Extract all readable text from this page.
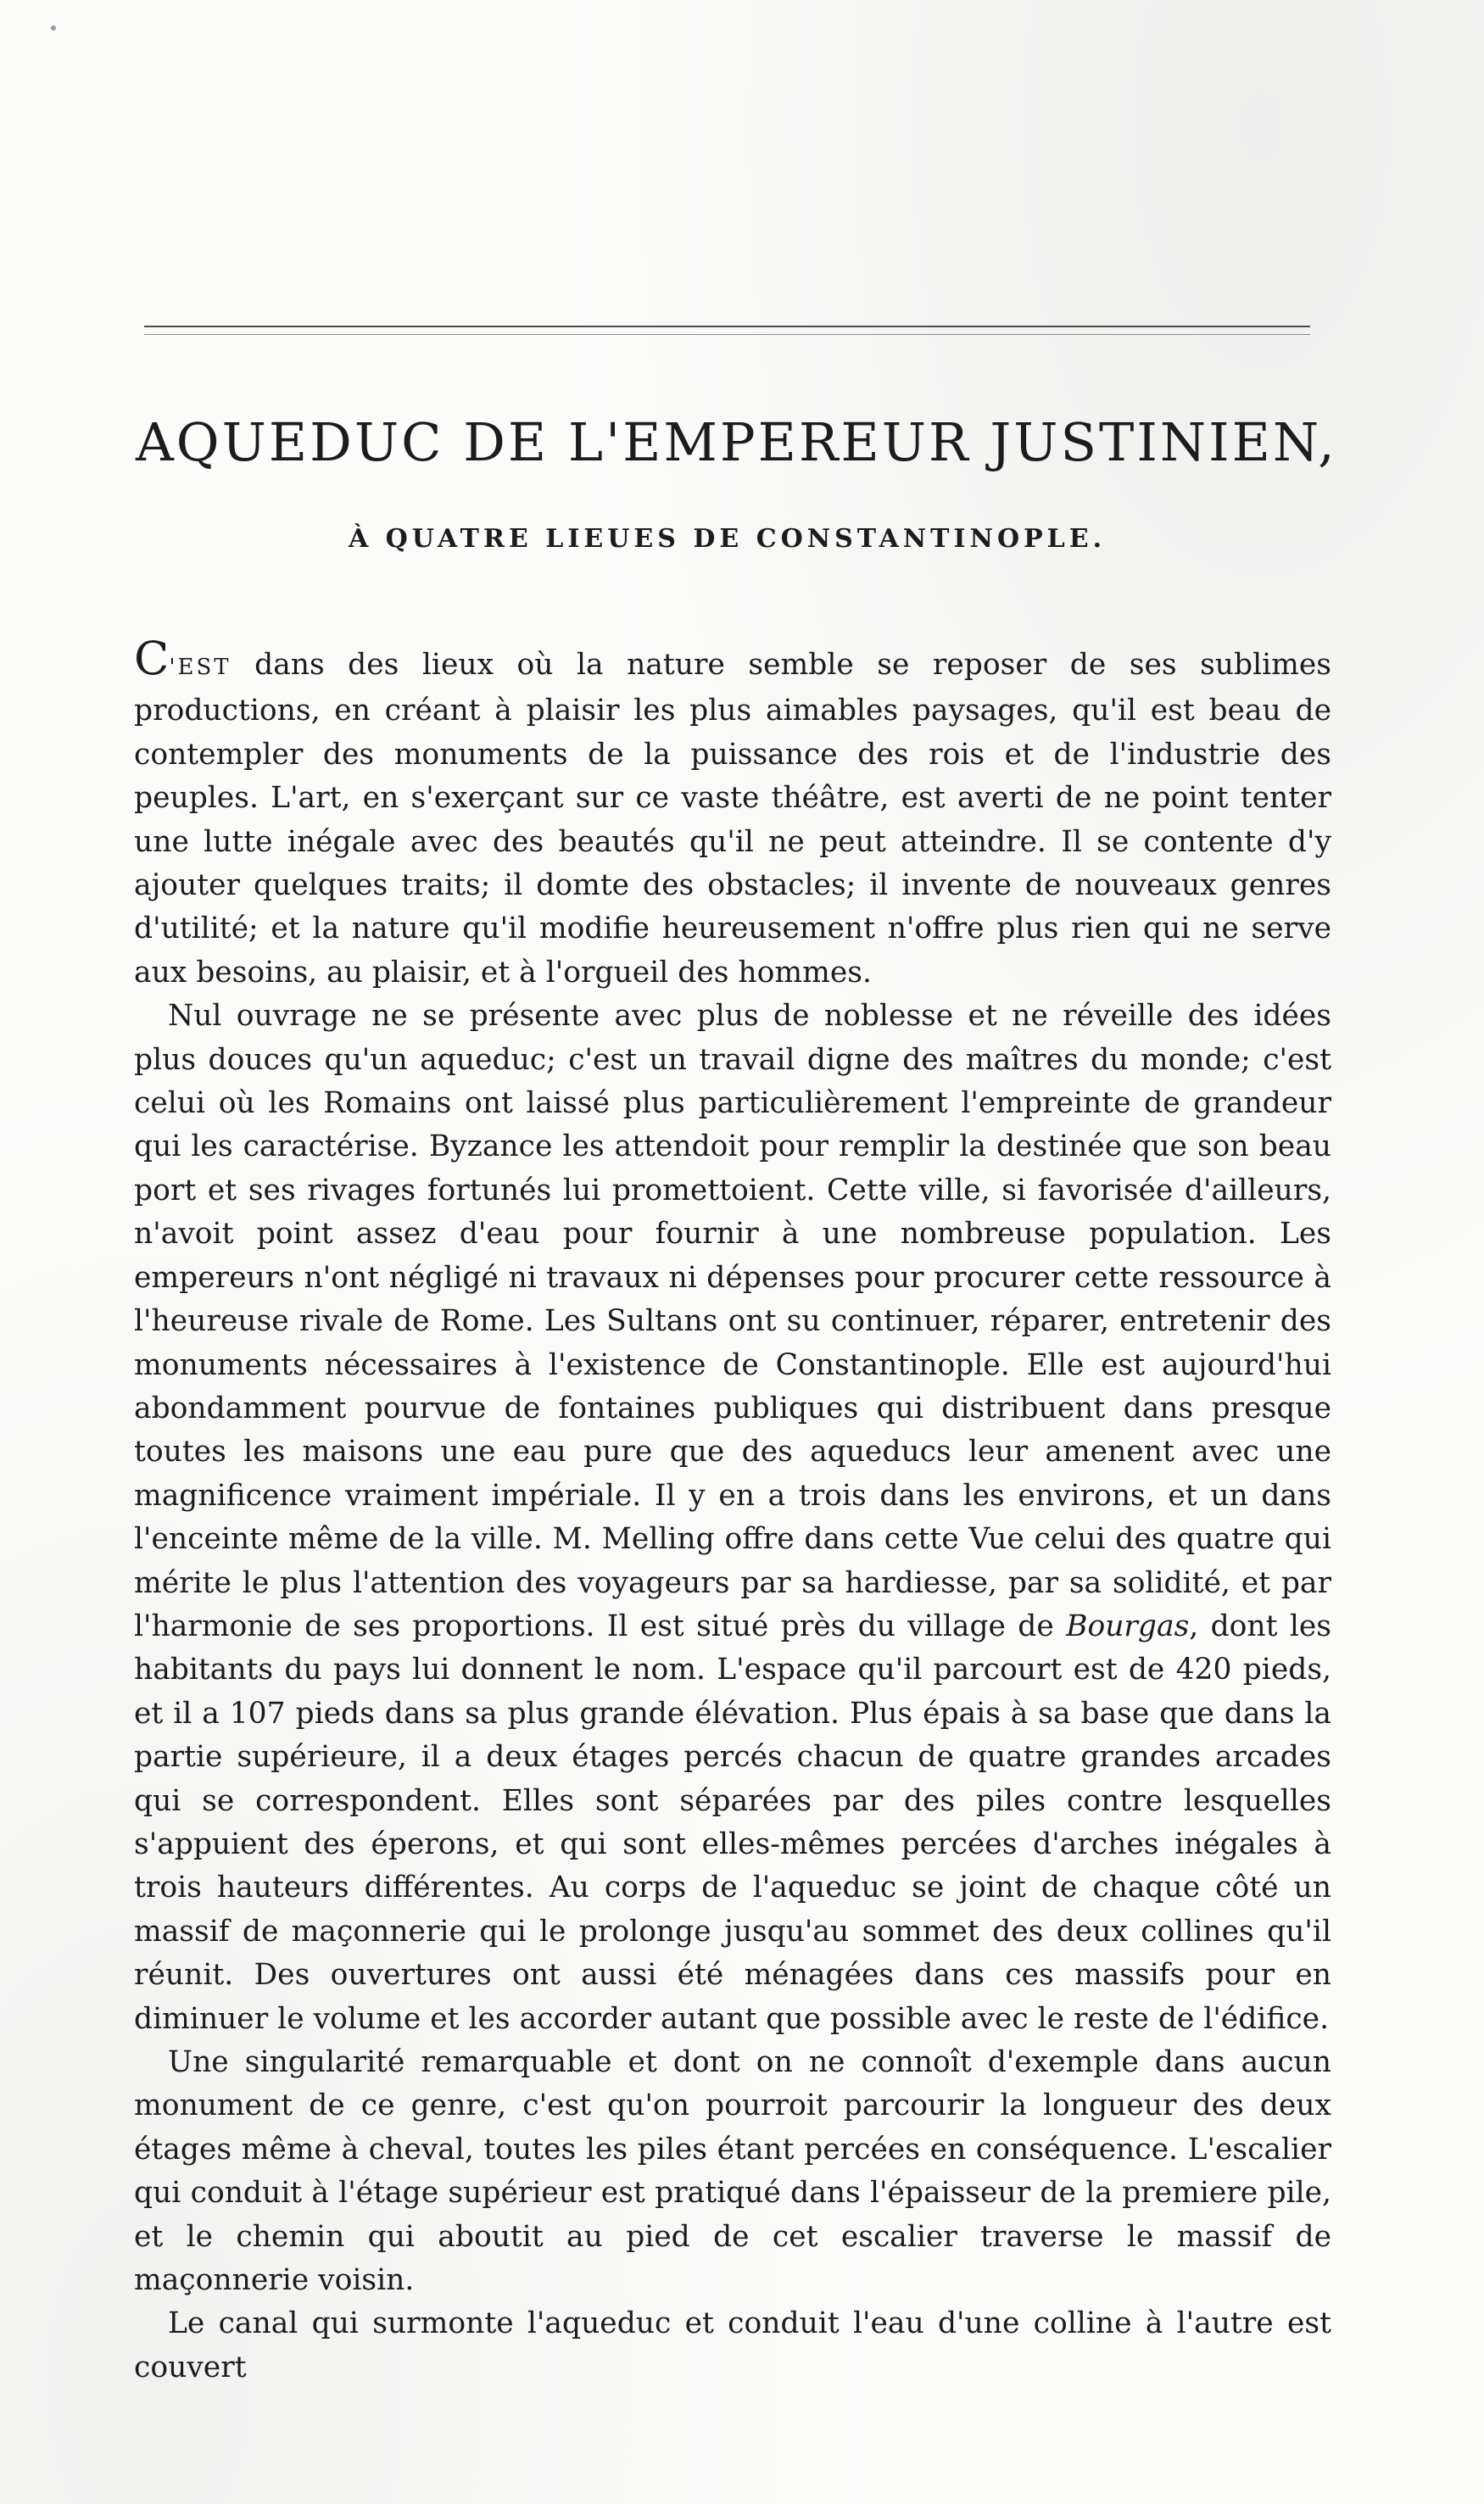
AQUEDUC DE L'EMPEREUR JUSTINIEN,
À QUATRE LIEUES DE CONSTANTINOPLE.

C'EST dans des lieux où la nature semble se reposer de ses sublimes productions, en créant à plaisir les plus aimables paysages, qu'il est beau de contempler des monuments de la puissance des rois et de l'industrie des peuples. L'art, en s'exerçant sur ce vaste théâtre, est averti de ne point tenter une lutte inégale avec des beautés qu'il ne peut atteindre. Il se contente d'y ajouter quelques traits; il domte des obstacles; il invente de nouveaux genres d'utilité; et la nature qu'il modifie heureusement n'offre plus rien qui ne serve aux besoins, au plaisir, et à l'orgueil des hommes.

Nul ouvrage ne se présente avec plus de noblesse et ne réveille des idées plus douces qu'un aqueduc; c'est un travail digne des maîtres du monde; c'est celui où les Romains ont laissé plus particulièrement l'empreinte de grandeur qui les caractérise. Byzance les attendoit pour remplir la destinée que son beau port et ses rivages fortunés lui promettoient. Cette ville, si favorisée d'ailleurs, n'avoit point assez d'eau pour fournir à une nombreuse population. Les empereurs n'ont négligé ni travaux ni dépenses pour procurer cette ressource à l'heureuse rivale de Rome. Les Sultans ont su continuer, réparer, entretenir des monuments nécessaires à l'existence de Constantinople. Elle est aujourd'hui abondamment pourvue de fontaines publiques qui distribuent dans presque toutes les maisons une eau pure que des aqueducs leur amenent avec une magnificence vraiment impériale. Il y en a trois dans les environs, et un dans l'enceinte même de la ville. M. Melling offre dans cette Vue celui des quatre qui mérite le plus l'attention des voyageurs par sa hardiesse, par sa solidité, et par l'harmonie de ses proportions. Il est situé près du village de Bourgas, dont les habitants du pays lui donnent le nom. L'espace qu'il parcourt est de 420 pieds, et il a 107 pieds dans sa plus grande élévation. Plus épais à sa base que dans la partie supérieure, il a deux étages percés chacun de quatre grandes arcades qui se correspondent. Elles sont séparées par des piles contre lesquelles s'appuient des éperons, et qui sont elles-mêmes percées d'arches inégales à trois hauteurs différentes. Au corps de l'aqueduc se joint de chaque côté un massif de maçonnerie qui le prolonge jusqu'au sommet des deux collines qu'il réunit. Des ouvertures ont aussi été ménagées dans ces massifs pour en diminuer le volume et les accorder autant que possible avec le reste de l'édifice.

Une singularité remarquable et dont on ne connoît d'exemple dans aucun monument de ce genre, c'est qu'on pourroit parcourir la longueur des deux étages même à cheval, toutes les piles étant percées en conséquence. L'escalier qui conduit à l'étage supérieur est pratiqué dans l'épaisseur de la premiere pile, et le chemin qui aboutit au pied de cet escalier traverse le massif de maçonnerie voisin.

Le canal qui surmonte l'aqueduc et conduit l'eau d'une colline à l'autre est couvert
